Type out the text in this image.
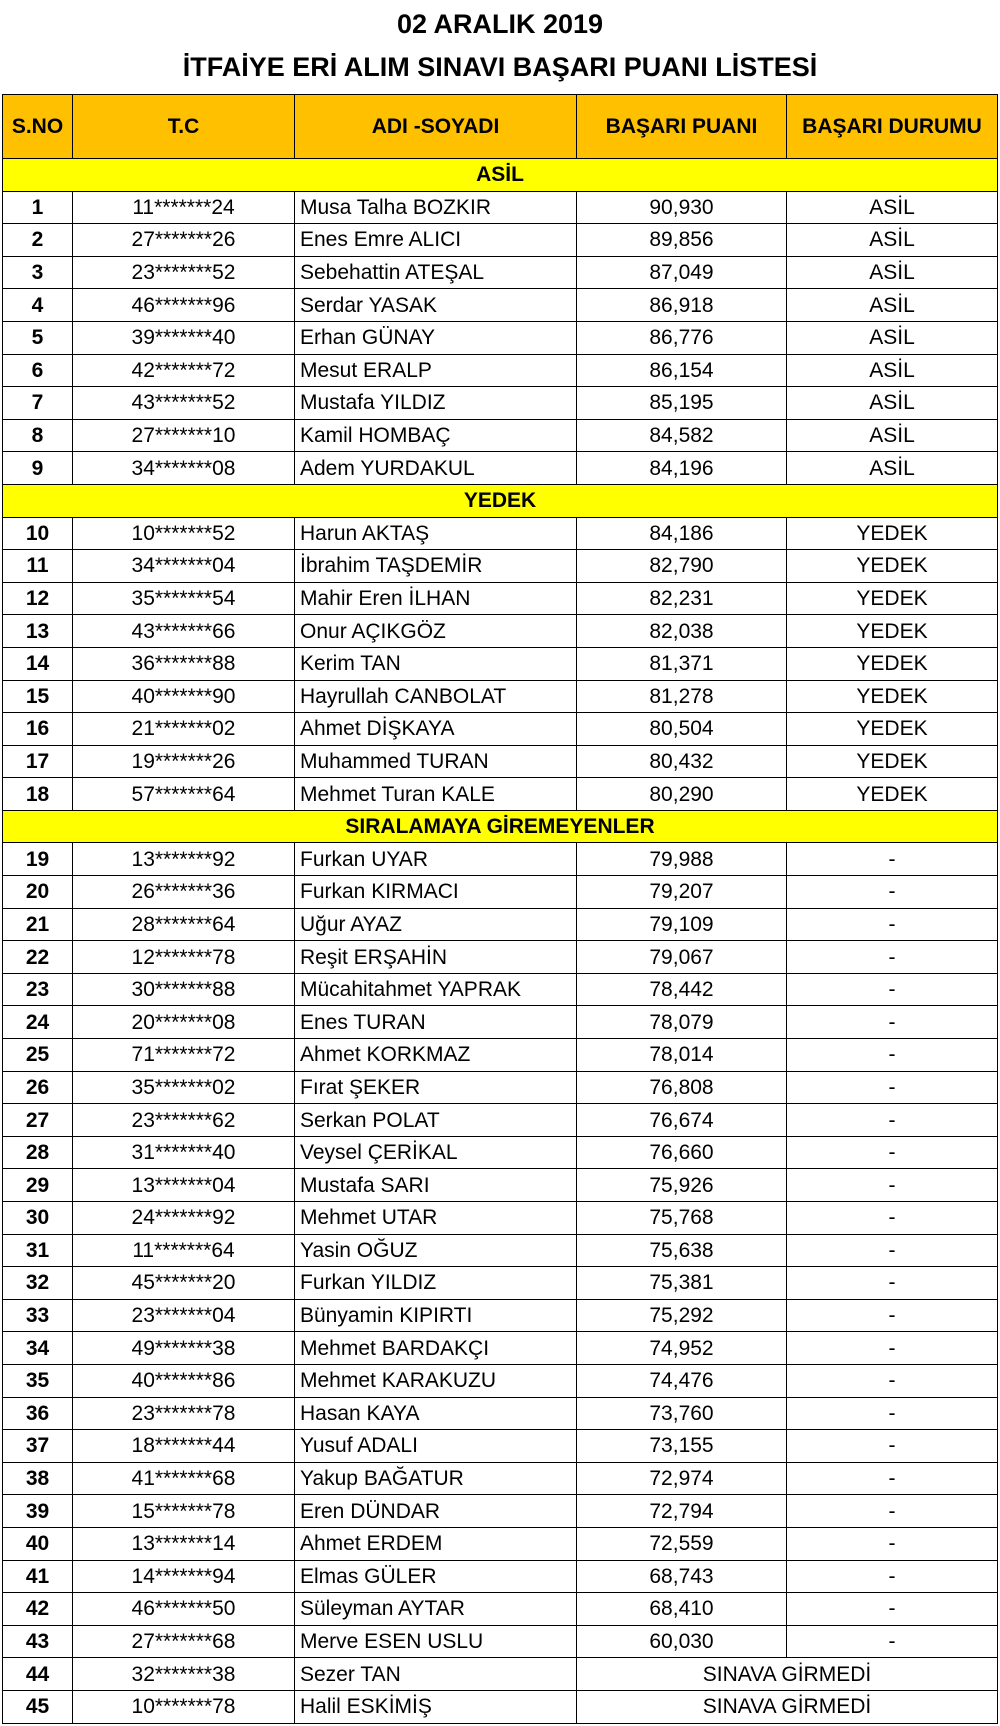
02 ARALIK 2019
İTFAİYE ERİ ALIM SINAVI BAŞARI PUANI LİSTESİ
S.NO	T.C	ADI -SOYADI	BAŞARI PUANI	BAŞARI DURUMU
ASİL				
1	11*******24	Musa Talha BOZKIR	90,930	ASİL
2	27*******26	Enes Emre ALICI	89,856	ASİL
3	23*******52	Sebehattin ATEŞAL	87,049	ASİL
4	46*******96	Serdar YASAK	86,918	ASİL
5	39*******40	Erhan GÜNAY	86,776	ASİL
6	42*******72	Mesut ERALP	86,154	ASİL
7	43*******52	Mustafa YILDIZ	85,195	ASİL
8	27*******10	Kamil HOMBAÇ	84,582	ASİL
9	34*******08	Adem YURDAKUL	84,196	ASİL
YEDEK				
10	10*******52	Harun AKTAŞ	84,186	YEDEK
11	34*******04	İbrahim TAŞDEMİR	82,790	YEDEK
12	35*******54	Mahir Eren İLHAN	82,231	YEDEK
13	43*******66	Onur AÇIKGÖZ	82,038	YEDEK
14	36*******88	Kerim TAN	81,371	YEDEK
15	40*******90	Hayrullah CANBOLAT	81,278	YEDEK
16	21*******02	Ahmet DİŞKAYA	80,504	YEDEK
17	19*******26	Muhammed TURAN	80,432	YEDEK
18	57*******64	Mehmet Turan KALE	80,290	YEDEK
SIRALAMAYA GİREMEYENLER				
19	13*******92	Furkan UYAR	79,988	-
20	26*******36	Furkan KIRMACI	79,207	-
21	28*******64	Uğur AYAZ	79,109	-
22	12*******78	Reşit ERŞAHİN	79,067	-
23	30*******88	Mücahitahmet YAPRAK	78,442	-
24	20*******08	Enes TURAN	78,079	-
25	71*******72	Ahmet KORKMAZ	78,014	-
26	35*******02	Fırat ŞEKER	76,808	-
27	23*******62	Serkan POLAT	76,674	-
28	31*******40	Veysel ÇERİKAL	76,660	-
29	13*******04	Mustafa SARI	75,926	-
30	24*******92	Mehmet UTAR	75,768	-
31	11*******64	Yasin OĞUZ	75,638	-
32	45*******20	Furkan YILDIZ	75,381	-
33	23*******04	Bünyamin KIPIRTI	75,292	-
34	49*******38	Mehmet BARDAKÇI	74,952	-
35	40*******86	Mehmet KARAKUZU	74,476	-
36	23*******78	Hasan KAYA	73,760	-
37	18*******44	Yusuf ADALI	73,155	-
38	41*******68	Yakup BAĞATUR	72,974	-
39	15*******78	Eren DÜNDAR	72,794	-
40	13*******14	Ahmet ERDEM	72,559	-
41	14*******94	Elmas GÜLER	68,743	-
42	46*******50	Süleyman AYTAR	68,410	-
43	27*******68	Merve ESEN USLU	60,030	-
44	32*******38	Sezer TAN	SINAVA GİRMEDİ	
45	10*******78	Halil ESKİMİŞ	SINAVA GİRMEDİ	
